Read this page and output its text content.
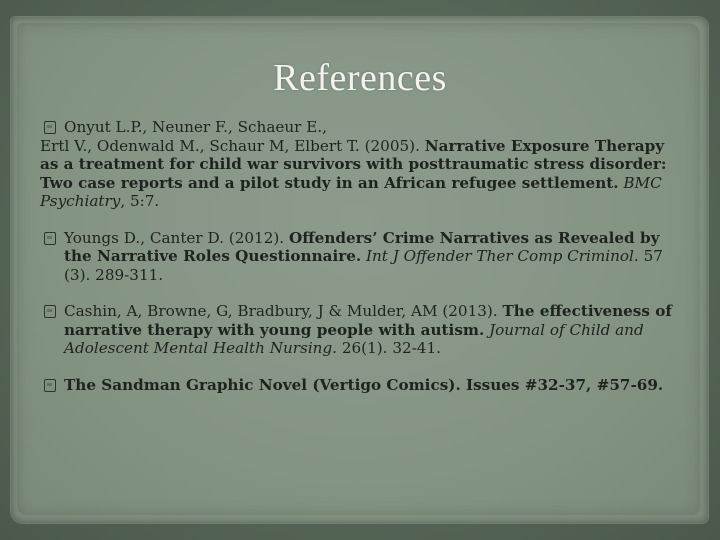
References
Onyut L.P., Neuner F., Schaeur E.,
Ertl V., Odenwald M., Schaur M, Elbert T. (2005). Narrative Exposure Therapy as a treatment for child war survivors with posttraumatic stress disorder: Two case reports and a pilot study in an African refugee settlement. BMC Psychiatry, 5:7.
Youngs D., Canter D. (2012). Offenders’ Crime Narratives as Revealed by the Narrative Roles Questionnaire. Int J Offender Ther Comp Criminol. 57 (3). 289-311.
Cashin, A, Browne, G, Bradbury, J & Mulder, AM (2013). The effectiveness of narrative therapy with young people with autism. Journal of Child and Adolescent Mental Health Nursing. 26(1). 32-41.
The Sandman Graphic Novel (Vertigo Comics). Issues #32-37, #57-69.
